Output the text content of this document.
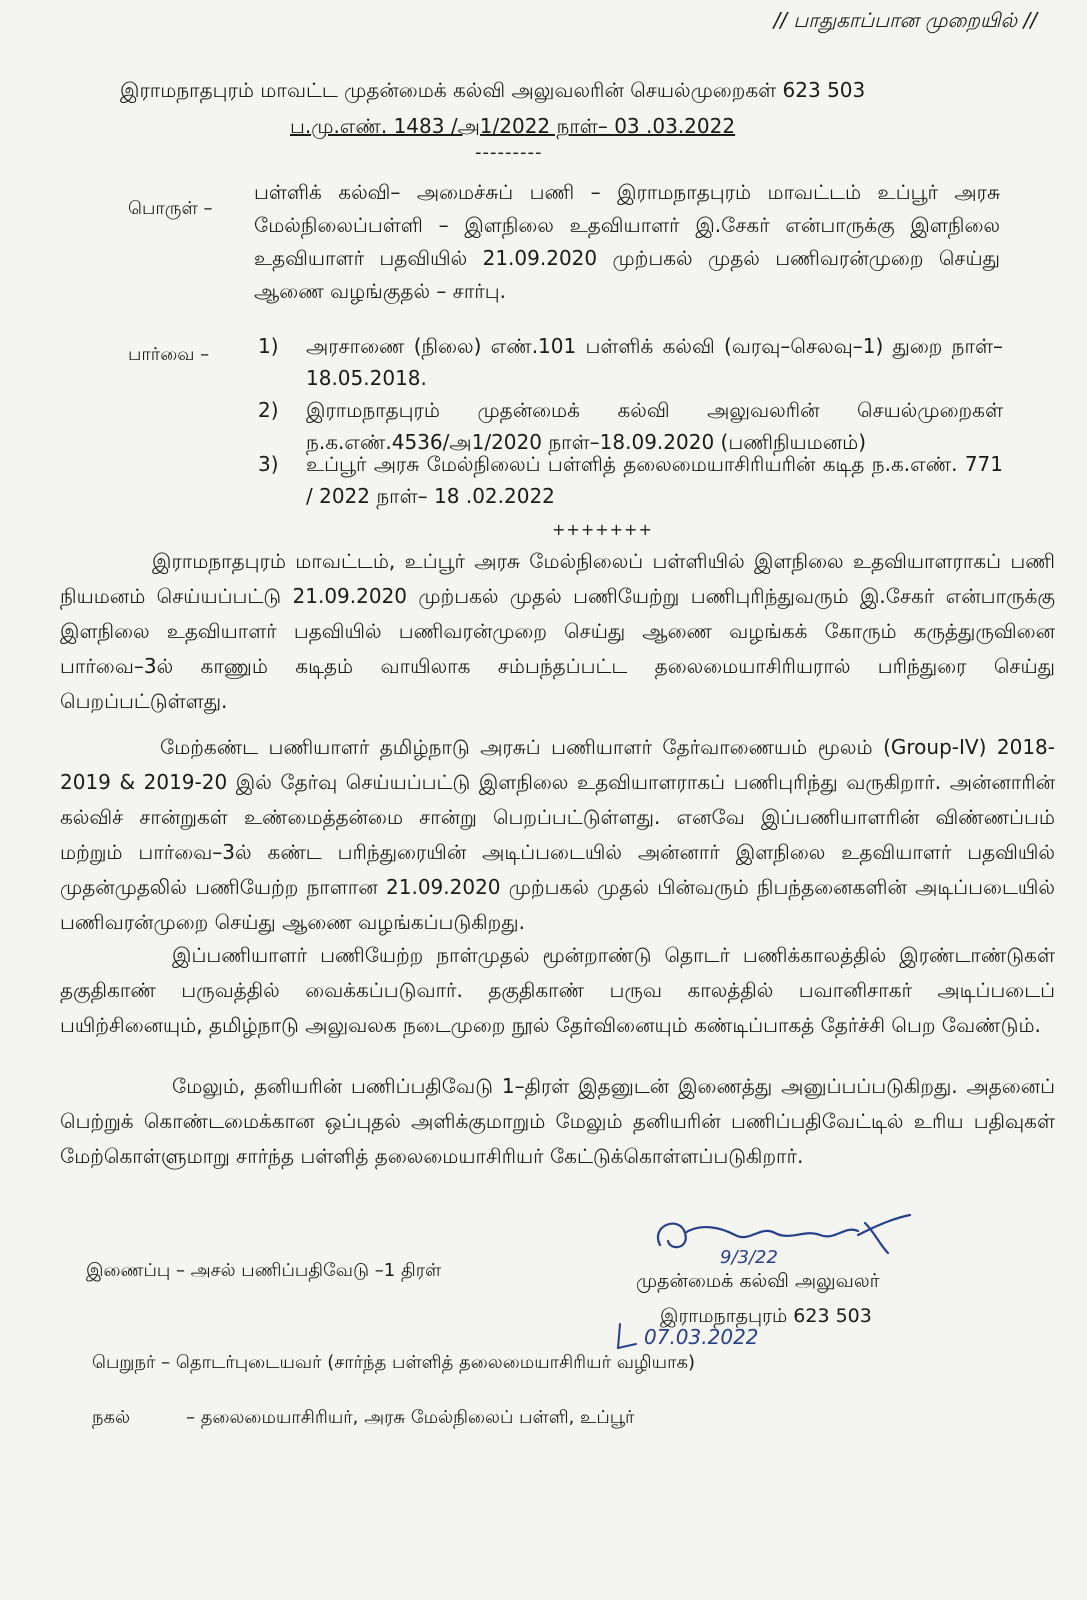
// பாதுகாப்பான முறையில் //
இராமநாதபுரம் மாவட்ட முதன்மைக் கல்வி அலுவலரின் செயல்முறைகள் 623 503
ப.மு.எண். 1483 /அ1/2022 நாள்– 03 .03.2022
---------
பொருள் –
பள்ளிக் கல்வி– அமைச்சுப் பணி – இராமநாதபுரம் மாவட்டம் உப்பூர் அரசு மேல்நிலைப்பள்ளி – இளநிலை உதவியாளர் இ.சேகர் என்பாருக்கு இளநிலை உதவியாளர் பதவியில் 21.09.2020 முற்பகல் முதல் பணிவரன்முறை செய்து ஆணை வழங்குதல் – சார்பு.
பார்வை – 1) அரசாணை (நிலை) எண்.101 பள்ளிக் கல்வி (வரவு–செலவு–1) துறை நாள்–18.05.2018.
2) இராமநாதபுரம் முதன்மைக் கல்வி அலுவலரின் செயல்முறைகள் ந.க.எண்.4536/அ1/2020 நாள்–18.09.2020 (பணிநியமனம்)
3) உப்பூர் அரசு மேல்நிலைப் பள்ளித் தலைமையாசிரியரின் கடித ந.க.எண். 771 / 2022 நாள்– 18 .02.2022
+++++++
இராமநாதபுரம் மாவட்டம், உப்பூர் அரசு மேல்நிலைப் பள்ளியில் இளநிலை உதவியாளராகப் பணி நியமனம் செய்யப்பட்டு 21.09.2020 முற்பகல் முதல் பணியேற்று பணிபுரிந்துவரும் இ.சேகர் என்பாருக்கு இளநிலை உதவியாளர் பதவியில் பணிவரன்முறை செய்து ஆணை வழங்கக் கோரும் கருத்துருவினை பார்வை–3ல் காணும் கடிதம் வாயிலாக சம்பந்தப்பட்ட தலைமையாசிரியரால் பரிந்துரை செய்து பெறப்பட்டுள்ளது.
மேற்கண்ட பணியாளர் தமிழ்நாடு அரசுப் பணியாளர் தேர்வாணையம் மூலம் (Group-IV) 2018-2019 & 2019-20 இல் தேர்வு செய்யப்பட்டு இளநிலை உதவியாளராகப் பணிபுரிந்து வருகிறார். அன்னாரின் கல்விச் சான்றுகள் உண்மைத்தன்மை சான்று பெறப்பட்டுள்ளது. எனவே இப்பணியாளரின் விண்ணப்பம் மற்றும் பார்வை–3ல் கண்ட பரிந்துரையின் அடிப்படையில் அன்னார் இளநிலை உதவியாளர் பதவியில் முதன்முதலில் பணியேற்ற நாளான 21.09.2020 முற்பகல் முதல் பின்வரும் நிபந்தனைகளின் அடிப்படையில் பணிவரன்முறை செய்து ஆணை வழங்கப்படுகிறது.
இப்பணியாளர் பணியேற்ற நாள்முதல் மூன்றாண்டு தொடர் பணிக்காலத்தில் இரண்டாண்டுகள் தகுதிகாண் பருவத்தில் வைக்கப்படுவார். தகுதிகாண் பருவ காலத்தில் பவானிசாகர் அடிப்படைப் பயிற்சினையும், தமிழ்நாடு அலுவலக நடைமுறை நூல் தேர்வினையும் கண்டிப்பாகத் தேர்ச்சி பெற வேண்டும்.
மேலும், தனியரின் பணிப்பதிவேடு 1–திரள் இதனுடன் இணைத்து அனுப்பப்படுகிறது. அதனைப் பெற்றுக் கொண்டமைக்கான ஒப்புதல் அளிக்குமாறும் மேலும் தனியரின் பணிப்பதிவேட்டில் உரிய பதிவுகள் மேற்கொள்ளுமாறு சார்ந்த பள்ளித் தலைமையாசிரியர் கேட்டுக்கொள்ளப்படுகிறார்.
9/3/22
இணைப்பு – அசல் பணிப்பதிவேடு –1 திரள்	முதன்மைக் கல்வி அலுவலர்
இராமநாதபுரம் 623 503
07.03.2022
பெறுநர் – தொடர்புடையவர் (சார்ந்த பள்ளித் தலைமையாசிரியர் வழியாக)
நகல்	– தலைமையாசிரியர், அரசு மேல்நிலைப் பள்ளி, உப்பூர்
